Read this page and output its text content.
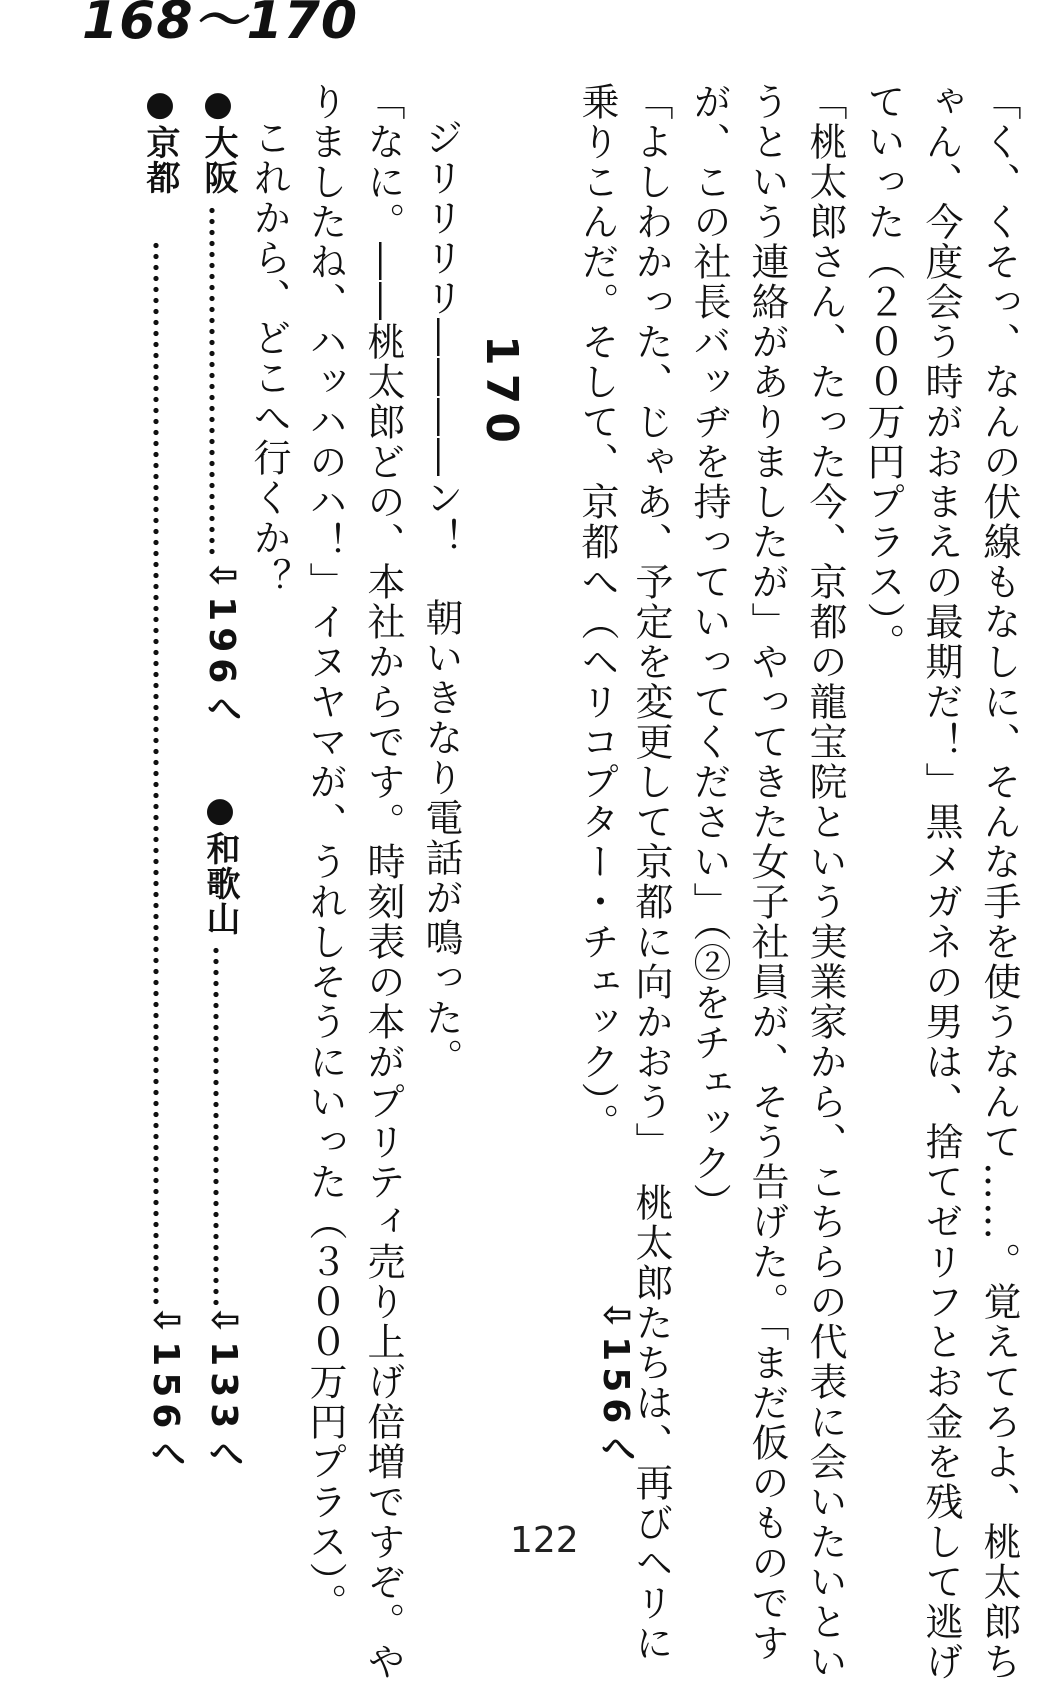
168〜170
「く、くそっ、なんの伏線もなしに、そんな手を使うなんて……。覚えてろよ、桃太郎ち
ゃん、今度会う時がおまえの最期だ！」黒メガネの男は、捨てゼリフとお金を残して逃げ
ていった（２００万円プラス）。
「桃太郎さん、たった今、京都の龍宝院という実業家から、こちらの代表に会いたいとい
うという連絡がありましたが」やってきた女子社員が、そう告げた。「まだ仮のものです
が、この社長バッヂを持っていってください」（②をチェック）
「よしわかった、じゃあ、予定を変更して京都に向かおう」　桃太郎たちは、再びヘリに
乗りこんだ。そして、京都へ（ヘリコプター・チェック）。
⇩156へ
170
ジリリリリ――――ン！　朝いきなり電話が鳴った。
「なに。――桃太郎どの、本社からです。時刻表の本がプリティ売り上げ倍増ですぞ。や
りましたね、ハッハのハ！」イヌヤマが、うれしそうにいった（３００万円プラス）。
これから、どこへ行くか？
●大阪
⇩196へ
●和歌山
⇩133へ
●京都
⇩156へ
122
